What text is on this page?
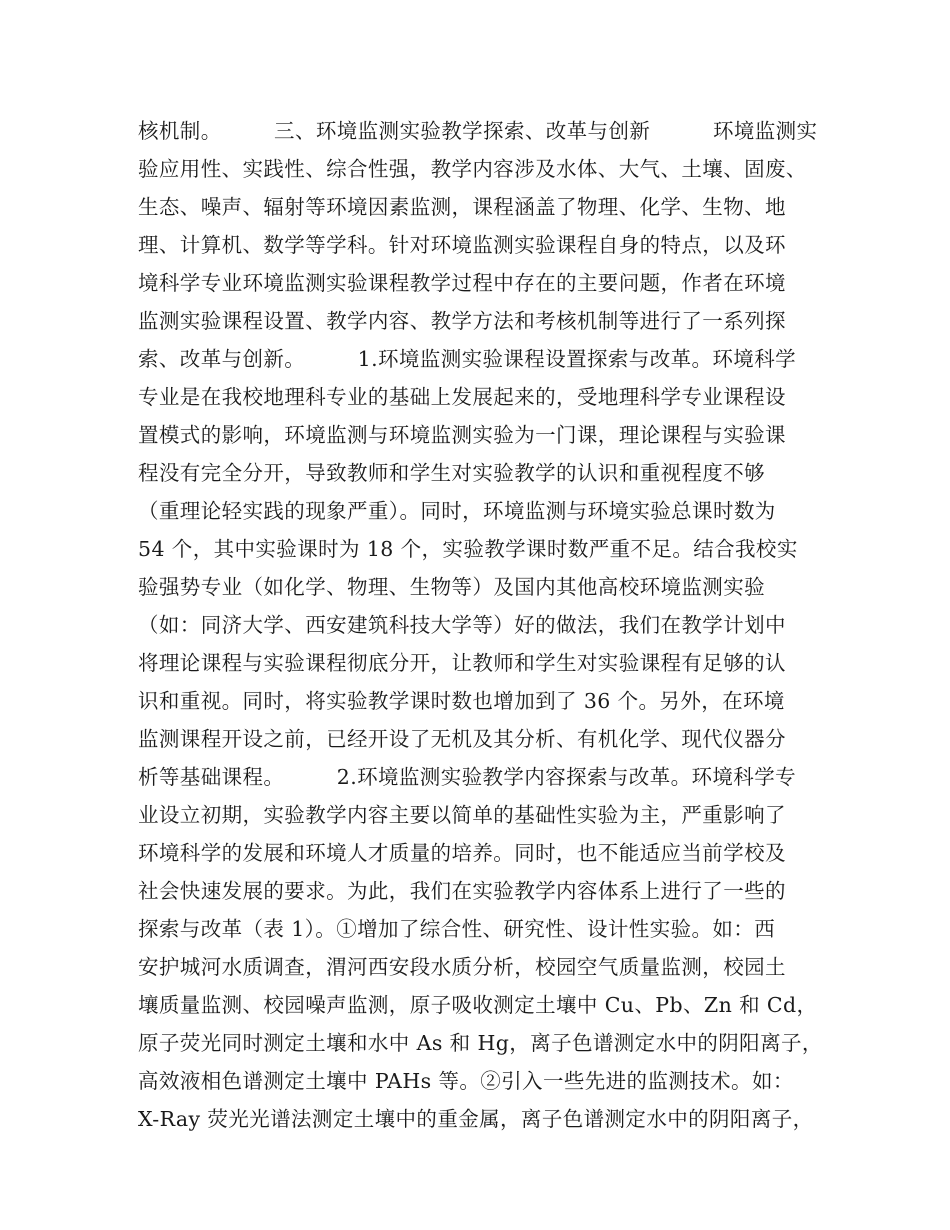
核机制。　　　三、环境监测实验教学探索、改革与创新　　　环境监测实
验应用性、实践性、综合性强，教学内容涉及水体、大气、土壤、固废、
生态、噪声、辐射等环境因素监测，课程涵盖了物理、化学、生物、地
理、计算机、数学等学科。针对环境监测实验课程自身的特点，以及环
境科学专业环境监测实验课程教学过程中存在的主要问题，作者在环境
监测实验课程设置、教学内容、教学方法和考核机制等进行了一系列探
索、改革与创新。　　　1.环境监测实验课程设置探索与改革。环境科学
专业是在我校地理科专业的基础上发展起来的，受地理科学专业课程设
置模式的影响，环境监测与环境监测实验为一门课，理论课程与实验课
程没有完全分开，导致教师和学生对实验教学的认识和重视程度不够
（重理论轻实践的现象严重）。同时，环境监测与环境实验总课时数为
54 个，其中实验课时为 18 个，实验教学课时数严重不足。结合我校实
验强势专业（如化学、物理、生物等）及国内其他高校环境监测实验
（如：同济大学、西安建筑科技大学等）好的做法，我们在教学计划中
将理论课程与实验课程彻底分开，让教师和学生对实验课程有足够的认
识和重视。同时，将实验教学课时数也增加到了 36 个。另外，在环境
监测课程开设之前，已经开设了无机及其分析、有机化学、现代仪器分
析等基础课程。　　　2.环境监测实验教学内容探索与改革。环境科学专
业设立初期，实验教学内容主要以简单的基础性实验为主，严重影响了
环境科学的发展和环境人才质量的培养。同时，也不能适应当前学校及
社会快速发展的要求。为此，我们在实验教学内容体系上进行了一些的
探索与改革（表 1）。①增加了综合性、研究性、设计性实验。如：西
安护城河水质调查，渭河西安段水质分析，校园空气质量监测，校园土
壤质量监测、校园噪声监测，原子吸收测定土壤中 Cu、Pb、Zn 和 Cd，
原子荧光同时测定土壤和水中 As 和 Hg，离子色谱测定水中的阴阳离子，
高效液相色谱测定土壤中 PAHs 等。②引入一些先进的监测技术。如：
X-Ray 荧光光谱法测定土壤中的重金属，离子色谱测定水中的阴阳离子，
